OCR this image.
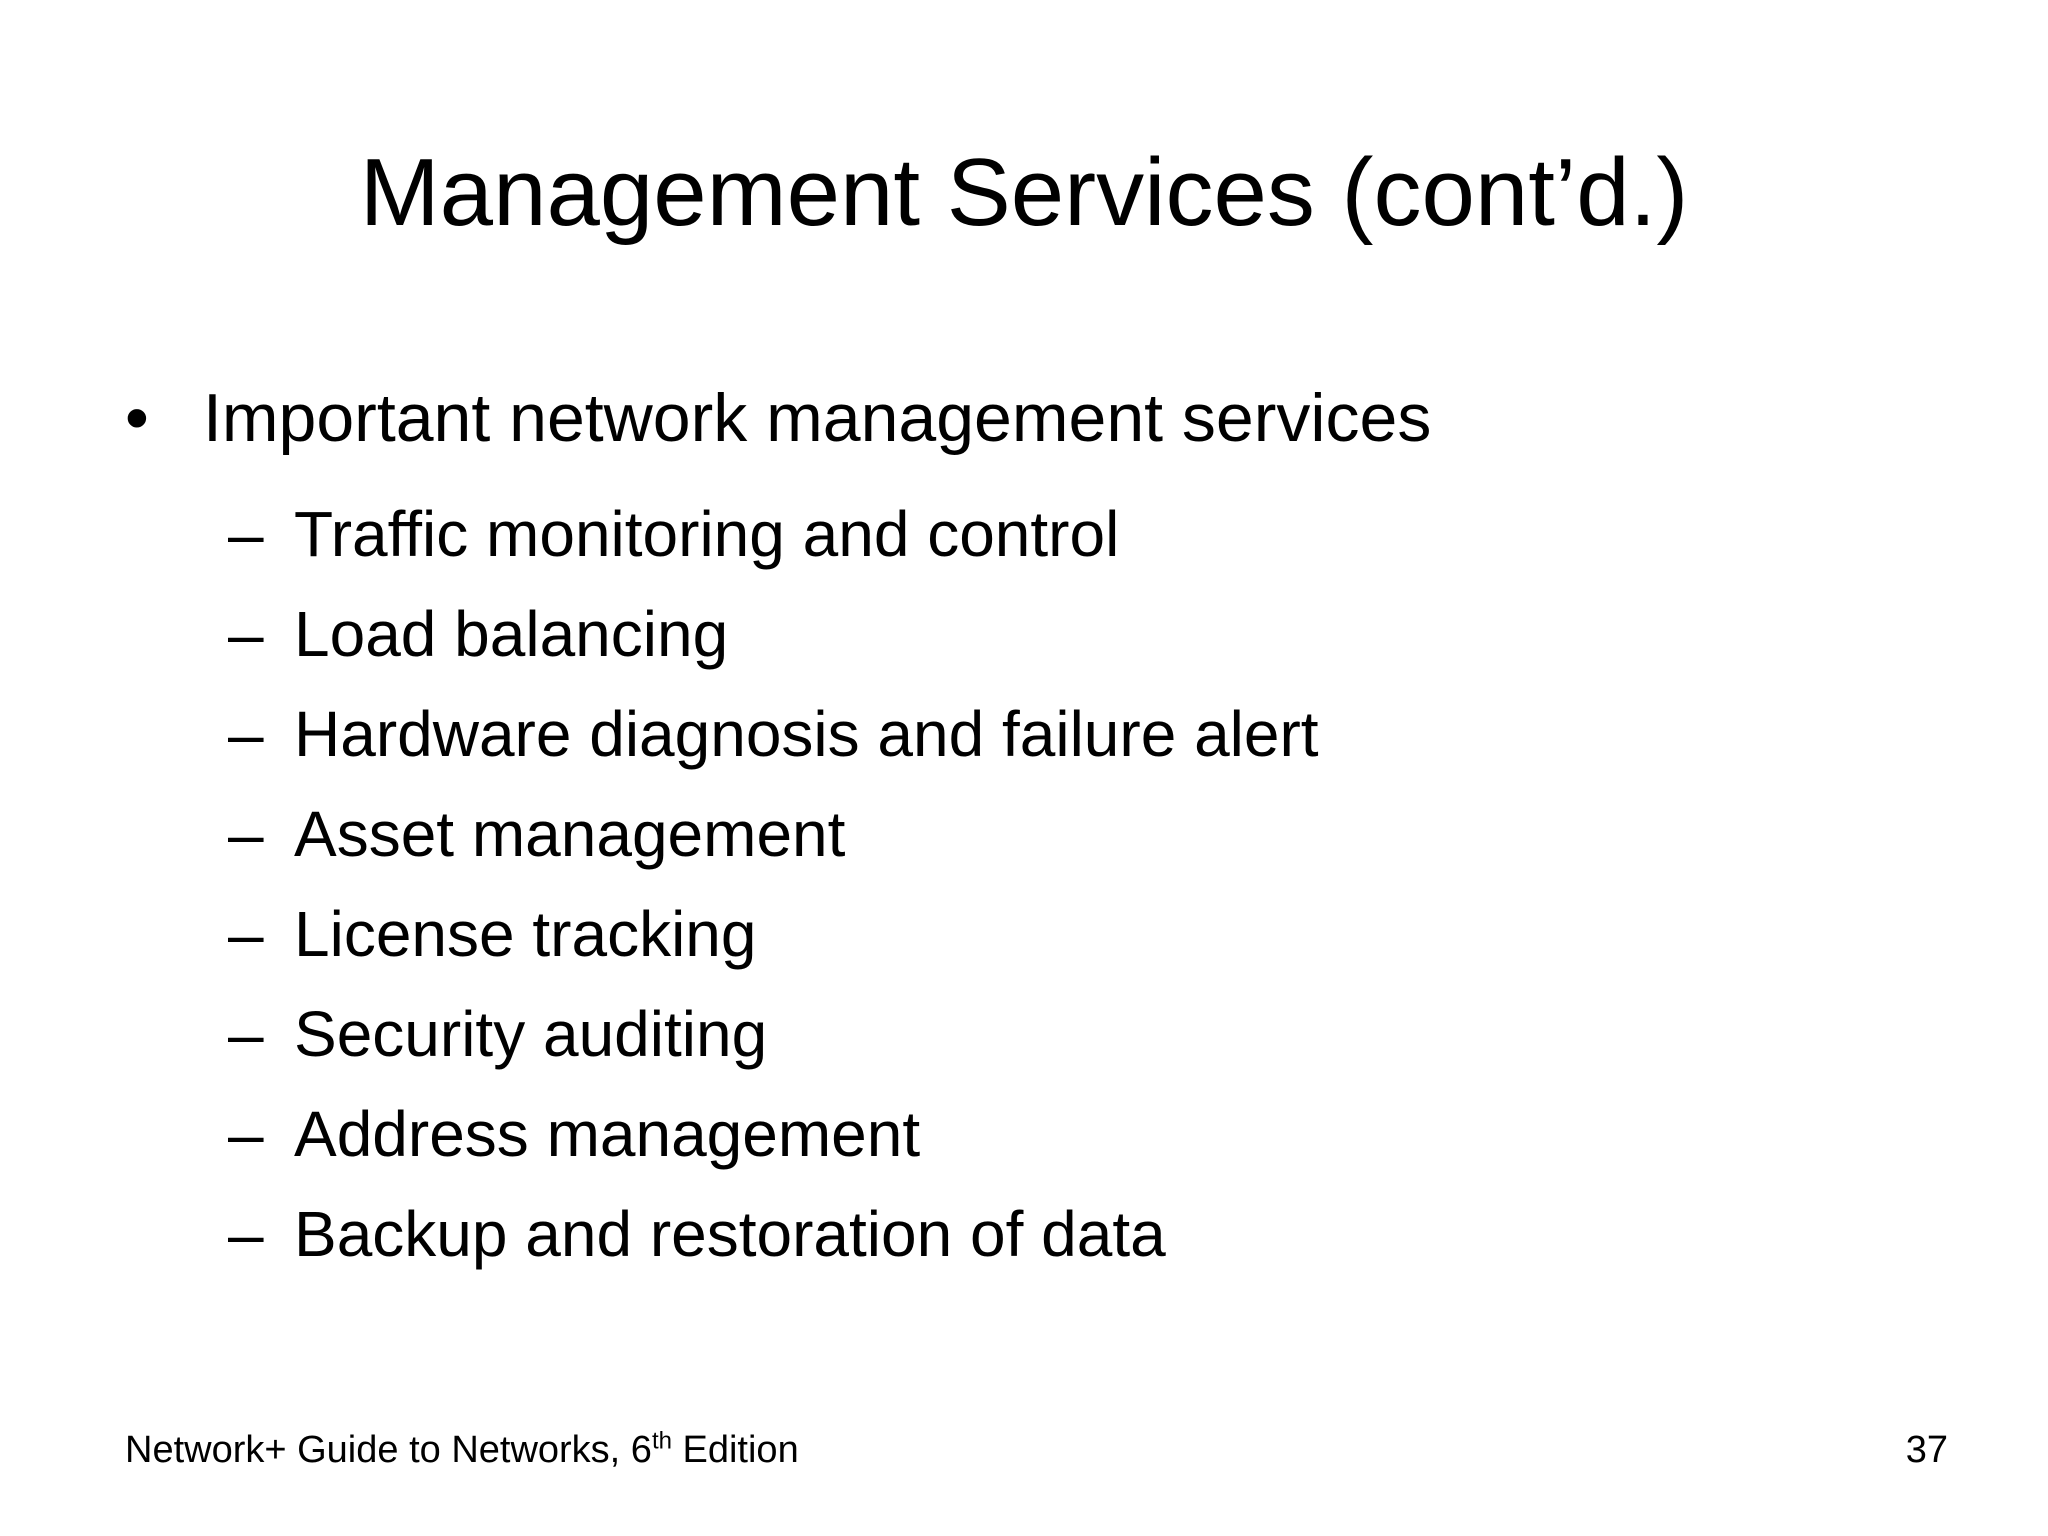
Management Services (cont’d.)
• Important network management services
– Traffic monitoring and control
– Load balancing
– Hardware diagnosis and failure alert
– Asset management
– License tracking
– Security auditing
– Address management
– Backup and restoration of data
Network+ Guide to Networks, 6th Edition	37
